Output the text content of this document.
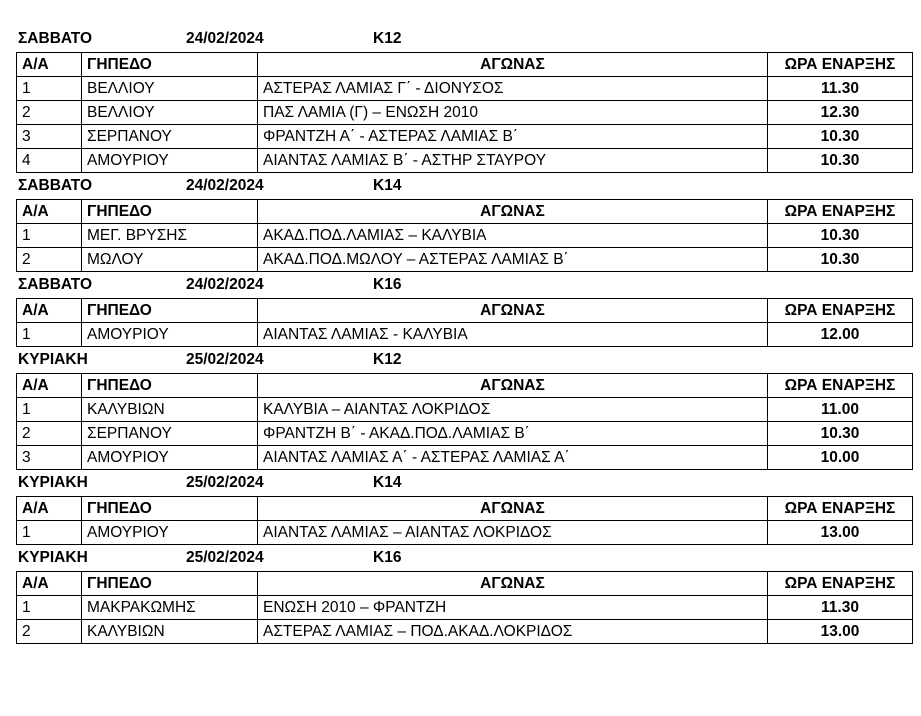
ΣΑΒΒΑΤΟ	24/02/2024	Κ12
Α/Α	ΓΗΠΕΔΟ	ΑΓΩΝΑΣ	ΩΡΑ ΕΝΑΡΞΗΣ
1	ΒΕΛΛΙΟΥ	ΑΣΤΕΡΑΣ ΛΑΜΙΑΣ Γ΄ - ΔΙΟΝΥΣΟΣ	11.30
2	ΒΕΛΛΙΟΥ	ΠΑΣ ΛΑΜΙΑ (Γ) – ΕΝΩΣΗ 2010	12.30
3	ΣΕΡΠΑΝΟΥ	ΦΡΑΝΤΖΗ Α΄ - ΑΣΤΕΡΑΣ ΛΑΜΙΑΣ Β΄	10.30
4	ΑΜΟΥΡΙΟΥ	ΑΙΑΝΤΑΣ ΛΑΜΙΑΣ Β΄ - ΑΣΤΗΡ ΣΤΑΥΡΟΥ	10.30
ΣΑΒΒΑΤΟ	24/02/2024	Κ14
Α/Α	ΓΗΠΕΔΟ	ΑΓΩΝΑΣ	ΩΡΑ ΕΝΑΡΞΗΣ
1	ΜΕΓ. ΒΡΥΣΗΣ	ΑΚΑΔ.ΠΟΔ.ΛΑΜΙΑΣ – ΚΑΛΥΒΙΑ	10.30
2	ΜΩΛΟΥ	ΑΚΑΔ.ΠΟΔ.ΜΩΛΟΥ – ΑΣΤΕΡΑΣ ΛΑΜΙΑΣ Β΄	10.30
ΣΑΒΒΑΤΟ	24/02/2024	Κ16
Α/Α	ΓΗΠΕΔΟ	ΑΓΩΝΑΣ	ΩΡΑ ΕΝΑΡΞΗΣ
1	ΑΜΟΥΡΙΟΥ	ΑΙΑΝΤΑΣ ΛΑΜΙΑΣ - ΚΑΛΥΒΙΑ	12.00
ΚΥΡΙΑΚΗ	25/02/2024	Κ12
Α/Α	ΓΗΠΕΔΟ	ΑΓΩΝΑΣ	ΩΡΑ ΕΝΑΡΞΗΣ
1	ΚΑΛΥΒΙΩΝ	ΚΑΛΥΒΙΑ – ΑΙΑΝΤΑΣ ΛΟΚΡΙΔΟΣ	11.00
2	ΣΕΡΠΑΝΟΥ	ΦΡΑΝΤΖΗ Β΄ - ΑΚΑΔ.ΠΟΔ.ΛΑΜΙΑΣ Β΄	10.30
3	ΑΜΟΥΡΙΟΥ	ΑΙΑΝΤΑΣ ΛΑΜΙΑΣ Α΄ - ΑΣΤΕΡΑΣ ΛΑΜΙΑΣ Α΄	10.00
ΚΥΡΙΑΚΗ	25/02/2024	Κ14
Α/Α	ΓΗΠΕΔΟ	ΑΓΩΝΑΣ	ΩΡΑ ΕΝΑΡΞΗΣ
1	ΑΜΟΥΡΙΟΥ	ΑΙΑΝΤΑΣ ΛΑΜΙΑΣ – ΑΙΑΝΤΑΣ ΛΟΚΡΙΔΟΣ	13.00
ΚΥΡΙΑΚΗ	25/02/2024	Κ16
Α/Α	ΓΗΠΕΔΟ	ΑΓΩΝΑΣ	ΩΡΑ ΕΝΑΡΞΗΣ
1	ΜΑΚΡΑΚΩΜΗΣ	ΕΝΩΣΗ 2010 – ΦΡΑΝΤΖΗ	11.30
2	ΚΑΛΥΒΙΩΝ	ΑΣΤΕΡΑΣ ΛΑΜΙΑΣ – ΠΟΔ.ΑΚΑΔ.ΛΟΚΡΙΔΟΣ	13.00
